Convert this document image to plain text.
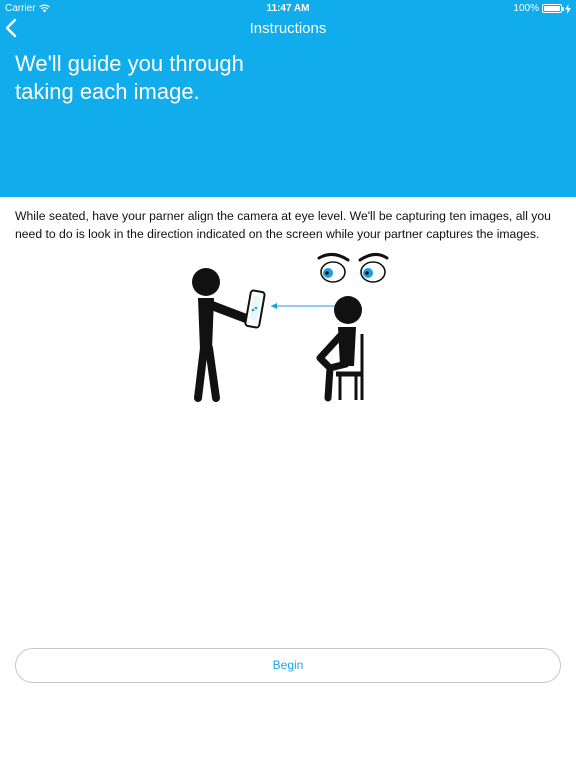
Carrier	11:47 AM	100%
Instructions
We'll guide you through
taking each image.

While seated, have your parner align the camera at eye level. We'll be capturing ten images, all you need to do is look in the direction indicated on the screen while your partner captures the images.

Begin
